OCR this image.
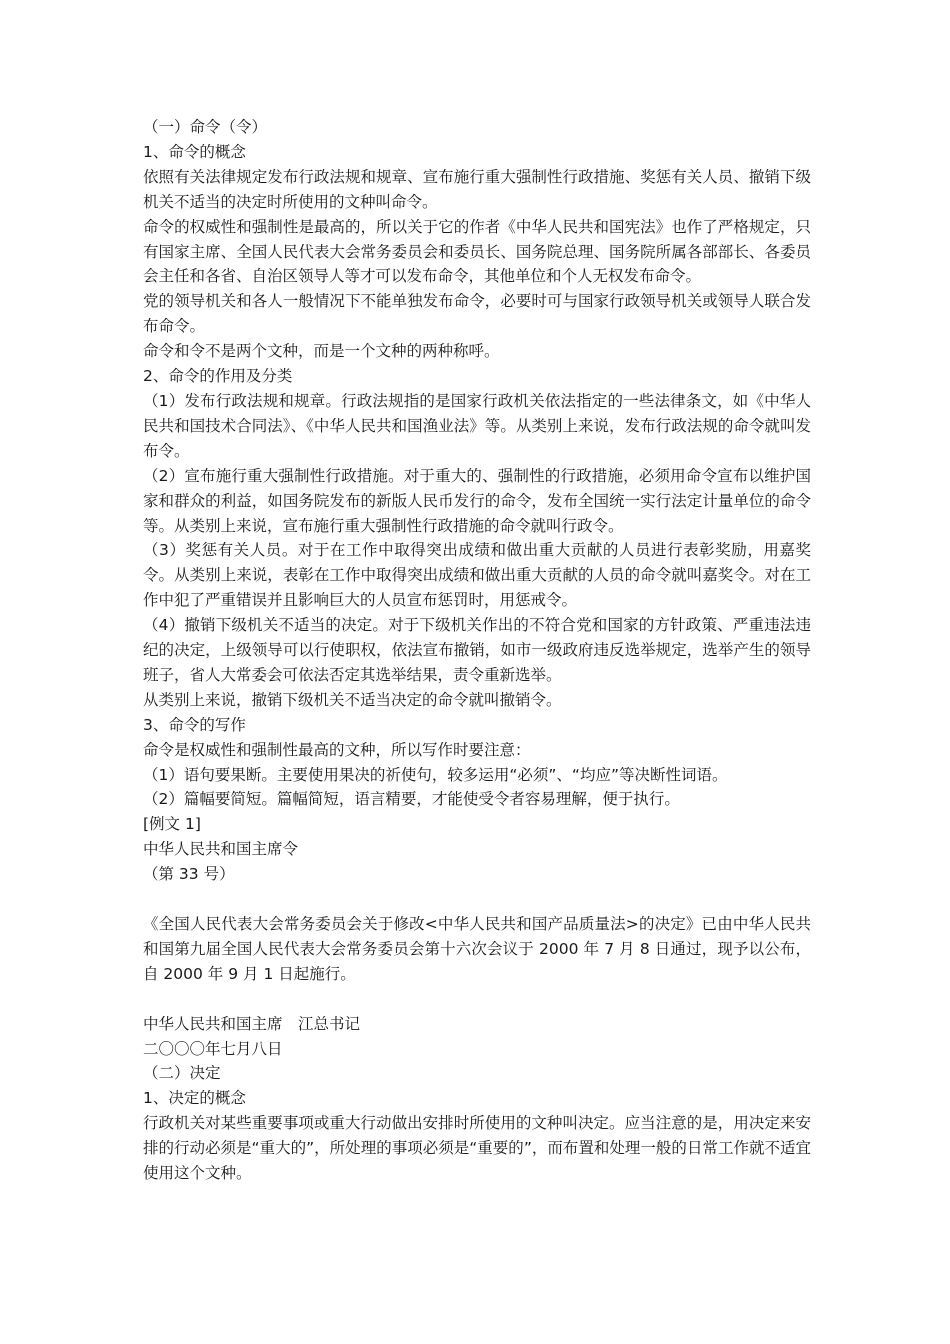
（一）命令（令）

1、命令的概念

依照有关法律规定发布行政法规和规章、宣布施行重大强制性行政措施、奖惩有关人员、撤销下级机关不适当的决定时所使用的文种叫命令。

命令的权威性和强制性是最高的，所以关于它的作者《中华人民共和国宪法》也作了严格规定，只有国家主席、全国人民代表大会常务委员会和委员长、国务院总理、国务院所属各部部长、各委员会主任和各省、自治区领导人等才可以发布命令，其他单位和个人无权发布命令。

党的领导机关和各人一般情况下不能单独发布命令，必要时可与国家行政领导机关或领导人联合发布命令。

命令和令不是两个文种，而是一个文种的两种称呼。

2、命令的作用及分类

（1）发布行政法规和规章。行政法规指的是国家行政机关依法指定的一些法律条文，如《中华人民共和国技术合同法》、《中华人民共和国渔业法》等。从类别上来说，发布行政法规的命令就叫发布令。

（2）宣布施行重大强制性行政措施。对于重大的、强制性的行政措施，必须用命令宣布以维护国家和群众的利益，如国务院发布的新版人民币发行的命令，发布全国统一实行法定计量单位的命令等。从类别上来说，宣布施行重大强制性行政措施的命令就叫行政令。

（3）奖惩有关人员。对于在工作中取得突出成绩和做出重大贡献的人员进行表彰奖励，用嘉奖令。从类别上来说，表彰在工作中取得突出成绩和做出重大贡献的人员的命令就叫嘉奖令。对在工作中犯了严重错误并且影响巨大的人员宣布惩罚时，用惩戒令。

（4）撤销下级机关不适当的决定。对于下级机关作出的不符合党和国家的方针政策、严重违法违纪的决定，上级领导可以行使职权，依法宣布撤销，如市一级政府违反选举规定，选举产生的领导班子，省人大常委会可依法否定其选举结果，责令重新选举。

从类别上来说，撤销下级机关不适当决定的命令就叫撤销令。

3、命令的写作

命令是权威性和强制性最高的文种，所以写作时要注意：

（1）语句要果断。主要使用果决的祈使句，较多运用“必须”、“均应”等决断性词语。

（2）篇幅要简短。篇幅简短，语言精要，才能使受令者容易理解，便于执行。

[例文 1]

中华人民共和国主席令

（第 33 号）

《全国人民代表大会常务委员会关于修改<中华人民共和国产品质量法>的决定》已由中华人民共和国第九届全国人民代表大会常务委员会第十六次会议于 2000 年 7 月 8 日通过，现予以公布，自 2000 年 9 月 1 日起施行。

中华人民共和国主席　江总书记

二〇〇〇年七月八日

（二）决定

1、决定的概念

行政机关对某些重要事项或重大行动做出安排时所使用的文种叫决定。应当注意的是，用决定来安排的行动必须是“重大的”，所处理的事项必须是“重要的”，而布置和处理一般的日常工作就不适宜使用这个文种。
